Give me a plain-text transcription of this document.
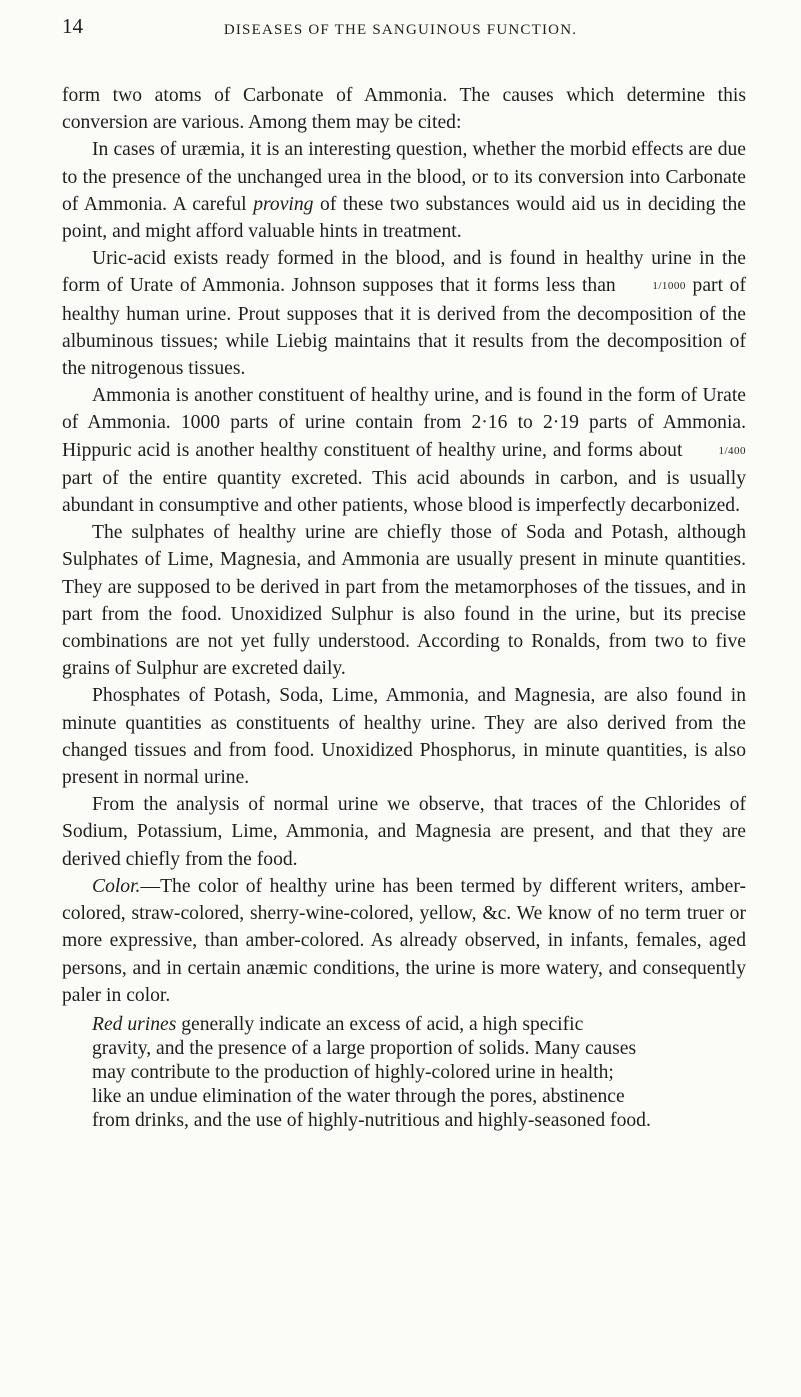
14	DISEASES OF THE SANGUINOUS FUNCTION.

form two atoms of Carbonate of Ammonia. The causes which determine this conversion are various. Among them may be cited:

In cases of uræmia, it is an interesting question, whether the morbid effects are due to the presence of the unchanged urea in the blood, or to its conversion into Carbonate of Ammonia. A careful proving of these two substances would aid us in deciding the point, and might afford valuable hints in treatment.

Uric-acid exists ready formed in the blood, and is found in healthy urine in the form of Urate of Ammonia. Johnson supposes that it forms less than	1/1000 part of healthy human urine. Prout supposes that it is derived from the decomposition of the albuminous tissues; while Liebig maintains that it results from the decomposition of the nitrogenous tissues.

Ammonia is another constituent of healthy urine, and is found in the form of Urate of Ammonia. 1000 parts of urine contain from 2·16 to 2·19 parts of Ammonia. Hippuric acid is another healthy constituent of healthy urine, and forms about	1/400 part of the entire quantity excreted. This acid abounds in carbon, and is usually abundant in consumptive and other patients, whose blood is imperfectly decarbonized.

The sulphates of healthy urine are chiefly those of Soda and Potash, although Sulphates of Lime, Magnesia, and Ammonia are usually present in minute quantities. They are supposed to be derived in part from the metamorphoses of the tissues, and in part from the food. Unoxidized Sulphur is also found in the urine, but its precise combinations are not yet fully understood. According to Ronalds, from two to five grains of Sulphur are excreted daily.

Phosphates of Potash, Soda, Lime, Ammonia, and Magnesia, are also found in minute quantities as constituents of healthy urine. They are also derived from the changed tissues and from food. Unoxidized Phosphorus, in minute quantities, is also present in normal urine.

From the analysis of normal urine we observe, that traces of the Chlorides of Sodium, Potassium, Lime, Ammonia, and Magnesia are present, and that they are derived chiefly from the food.

Color.—The color of healthy urine has been termed by different writers, amber-colored, straw-colored, sherry-wine-colored, yellow, &c. We know of no term truer or more expressive, than amber-colored. As already observed, in infants, females, aged persons, and in certain anæmic conditions, the urine is more watery, and consequently paler in color.

Red urines generally indicate an excess of acid, a high specific
gravity, and the presence of a large proportion of solids. Many causes
may contribute to the production of highly-colored urine in health;
like an undue elimination of the water through the pores, abstinence
from drinks, and the use of highly-nutritious and highly-seasoned food.
